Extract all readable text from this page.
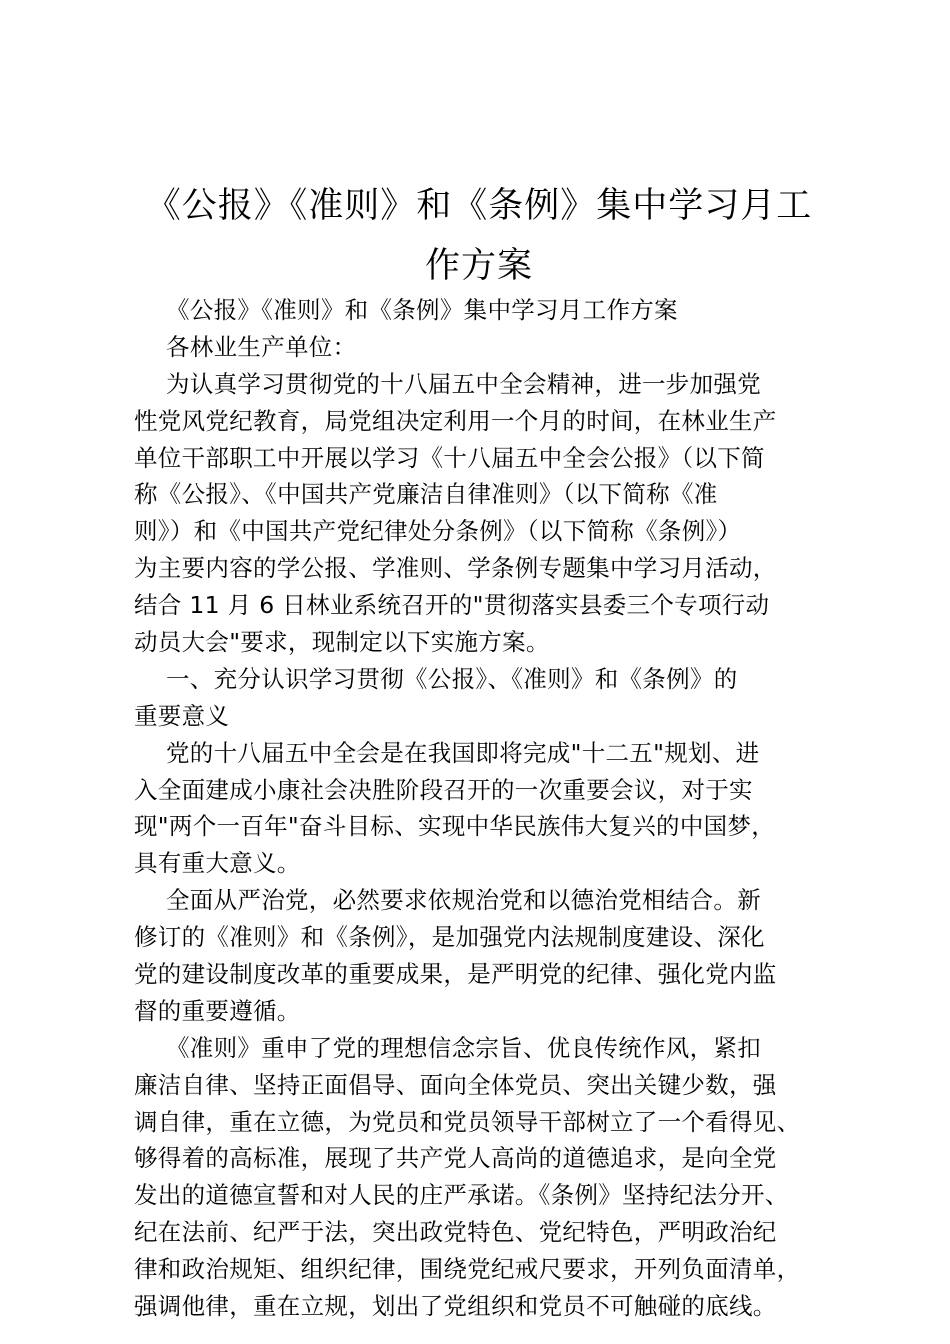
《公报》《准则》和《条例》集中学习月工
作方案
《公报》《准则》和《条例》集中学习月工作方案
各林业生产单位：
为认真学习贯彻党的十八届五中全会精神，进一步加强党
性党风党纪教育，局党组决定利用一个月的时间，在林业生产
单位干部职工中开展以学习《十八届五中全会公报》（以下简
称《公报》、《中国共产党廉洁自律准则》（以下简称《准
则》）和《中国共产党纪律处分条例》（以下简称《条例》）
为主要内容的学公报、学准则、学条例专题集中学习月活动，
结合 11 月 6 日林业系统召开的"贯彻落实县委三个专项行动
动员大会"要求，现制定以下实施方案。
一、充分认识学习贯彻《公报》、《准则》和《条例》的
重要意义
党的十八届五中全会是在我国即将完成"十二五"规划、进
入全面建成小康社会决胜阶段召开的一次重要会议，对于实
现"两个一百年"奋斗目标、实现中华民族伟大复兴的中国梦，
具有重大意义。
全面从严治党，必然要求依规治党和以德治党相结合。新
修订的《准则》和《条例》，是加强党内法规制度建设、深化
党的建设制度改革的重要成果，是严明党的纪律、强化党内监
督的重要遵循。
《准则》重申了党的理想信念宗旨、优良传统作风，紧扣
廉洁自律、坚持正面倡导、面向全体党员、突出关键少数，强
调自律，重在立德，为党员和党员领导干部树立了一个看得见、
够得着的高标准，展现了共产党人高尚的道德追求，是向全党
发出的道德宣誓和对人民的庄严承诺。《条例》坚持纪法分开、
纪在法前、纪严于法，突出政党特色、党纪特色，严明政治纪
律和政治规矩、组织纪律，围绕党纪戒尺要求，开列负面清单，
强调他律，重在立规，划出了党组织和党员不可触碰的底线。
